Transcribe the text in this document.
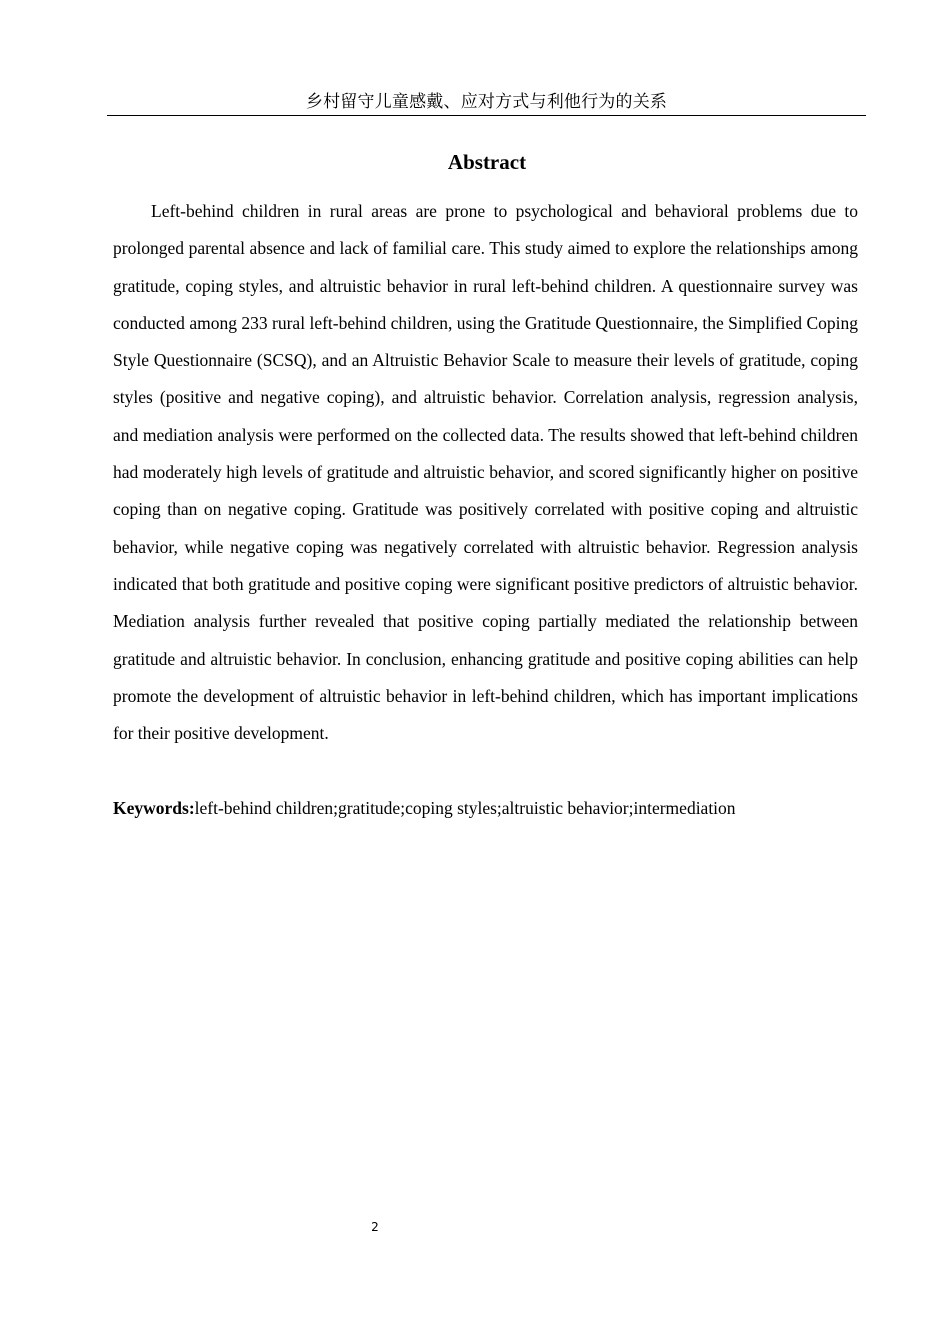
乡村留守儿童感戴、应对方式与利他行为的关系
Abstract

Left-behind children in rural areas are prone to psychological and behavioral problems due to prolonged parental absence and lack of familial care. This study aimed to explore the relationships among gratitude, coping styles, and altruistic behavior in rural left-behind children. A questionnaire survey was conducted among 233 rural left-behind children, using the Gratitude Questionnaire, the Simplified Coping Style Questionnaire (SCSQ), and an Altruistic Behavior Scale to measure their levels of gratitude, coping styles (positive and negative coping), and altruistic behavior. Correlation analysis, regression analysis, and mediation analysis were performed on the collected data. The results showed that left-behind children had moderately high levels of gratitude and altruistic behavior, and scored significantly higher on positive coping than on negative coping. Gratitude was positively correlated with positive coping and altruistic behavior, while negative coping was negatively correlated with altruistic behavior. Regression analysis indicated that both gratitude and positive coping were significant positive predictors of altruistic behavior. Mediation analysis further revealed that positive coping partially mediated the relationship between gratitude and altruistic behavior. In conclusion, enhancing gratitude and positive coping abilities can help promote the development of altruistic behavior in left-behind children, which has important implications for their positive development.

Keywords:left-behind children;gratitude;coping styles;altruistic behavior;intermediation

2
